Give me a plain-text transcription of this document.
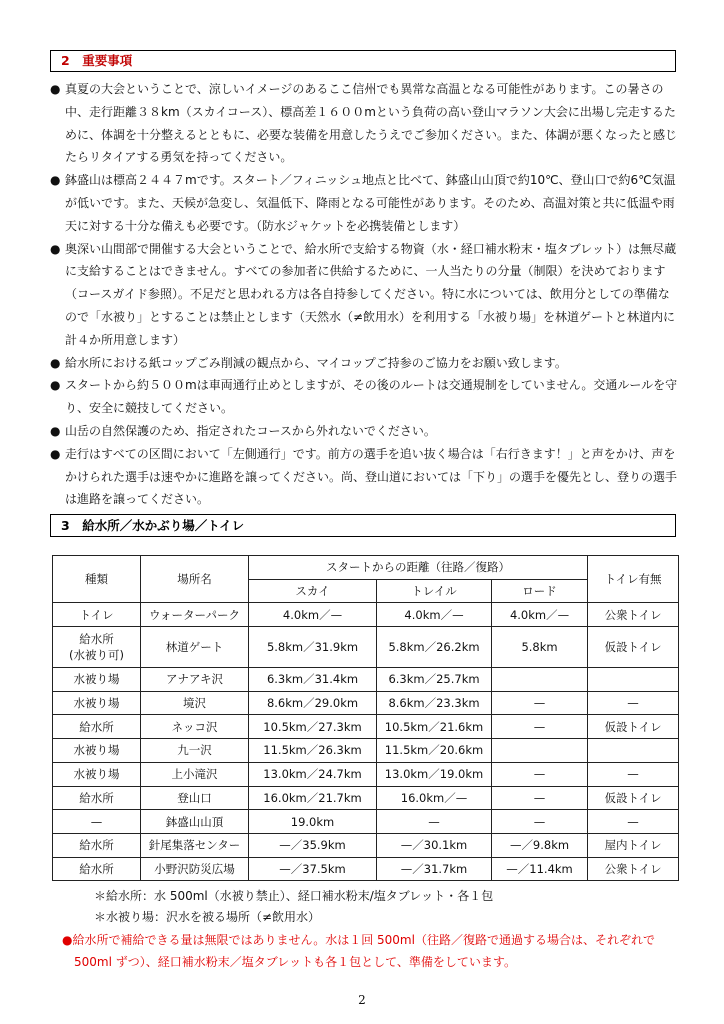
2　重要事項
● 真夏の大会ということで、涼しいイメージのあるここ信州でも異常な高温となる可能性があります。この暑さの中、走行距離３８km（スカイコース）、標高差１６００mという負荷の高い登山マラソン大会に出場し完走するために、体調を十分整えるとともに、必要な装備を用意したうえでご参加ください。また、体調が悪くなったと感じたらリタイアする勇気を持ってください。
● 鉢盛山は標高２４４７mです。スタート／フィニッシュ地点と比べて、鉢盛山山頂で約10℃、登山口で約6℃気温が低いです。また、天候が急変し、気温低下、降雨となる可能性があります。そのため、高温対策と共に低温や雨天に対する十分な備えも必要です。（防水ジャケットを必携装備とします）
● 奥深い山間部で開催する大会ということで、給水所で支給する物資（水・経口補水粉末・塩タブレット）は無尽蔵に支給することはできません。すべての参加者に供給するために、一人当たりの分量（制限）を決めております（コースガイド参照）。不足だと思われる方は各自持参してください。特に水については、飲用分としての準備なので「水被り」とすることは禁止とします（天然水（≠飲用水）を利用する「水被り場」を林道ゲートと林道内に計４か所用意します）
● 給水所における紙コップごみ削減の観点から、マイコップご持参のご協力をお願い致します。
● スタートから約５００mは車両通行止めとしますが、その後のルートは交通規制をしていません。交通ルールを守り、安全に競技してください。
● 山岳の自然保護のため、指定されたコースから外れないでください。
● 走行はすべての区間において「左側通行」です。前方の選手を追い抜く場合は「右行きます！」と声をかけ、声をかけられた選手は速やかに進路を譲ってください。尚、登山道においては「下り」の選手を優先とし、登りの選手は進路を譲ってください。
3　給水所／水かぶり場／トイレ
種類	場所名	スタートからの距離（往路／復路）			トイレ有無
		スカイ	トレイル	ロード	
トイレ	ウォーターパーク	4.0km／—	4.0km／—	4.0km／—	公衆トイレ
給水所
(水被り可)	林道ゲート	5.8km／31.9km	5.8km／26.2km	5.8km	仮設トイレ
水被り場	アナアキ沢	6.3km／31.4km	6.3km／25.7km		
水被り場	境沢	8.6km／29.0km	8.6km／23.3km	—	—
給水所	ネッコ沢	10.5km／27.3km	10.5km／21.6km	—	仮設トイレ
水被り場	九一沢	11.5km／26.3km	11.5km／20.6km		
水被り場	上小滝沢	13.0km／24.7km	13.0km／19.0km	—	—
給水所	登山口	16.0km／21.7km	16.0km／—	—	仮設トイレ
—	鉢盛山山頂	19.0km	—	—	—
給水所	針尾集落センター	—／35.9km	—／30.1km	—／9.8km	屋内トイレ
給水所	小野沢防災広場	—／37.5km	—／31.7km	—／11.4km	公衆トイレ
＊給水所：水 500ml（水被り禁止）、経口補水粉末/塩タブレット・各１包
＊水被り場：沢水を被る場所（≠飲用水）

●給水所で補給できる量は無限ではありません。水は１回 500ml（往路／復路で通過する場合は、それぞれで 500ml ずつ）、経口補水粉末／塩タブレットも各１包として、準備をしています。

2
